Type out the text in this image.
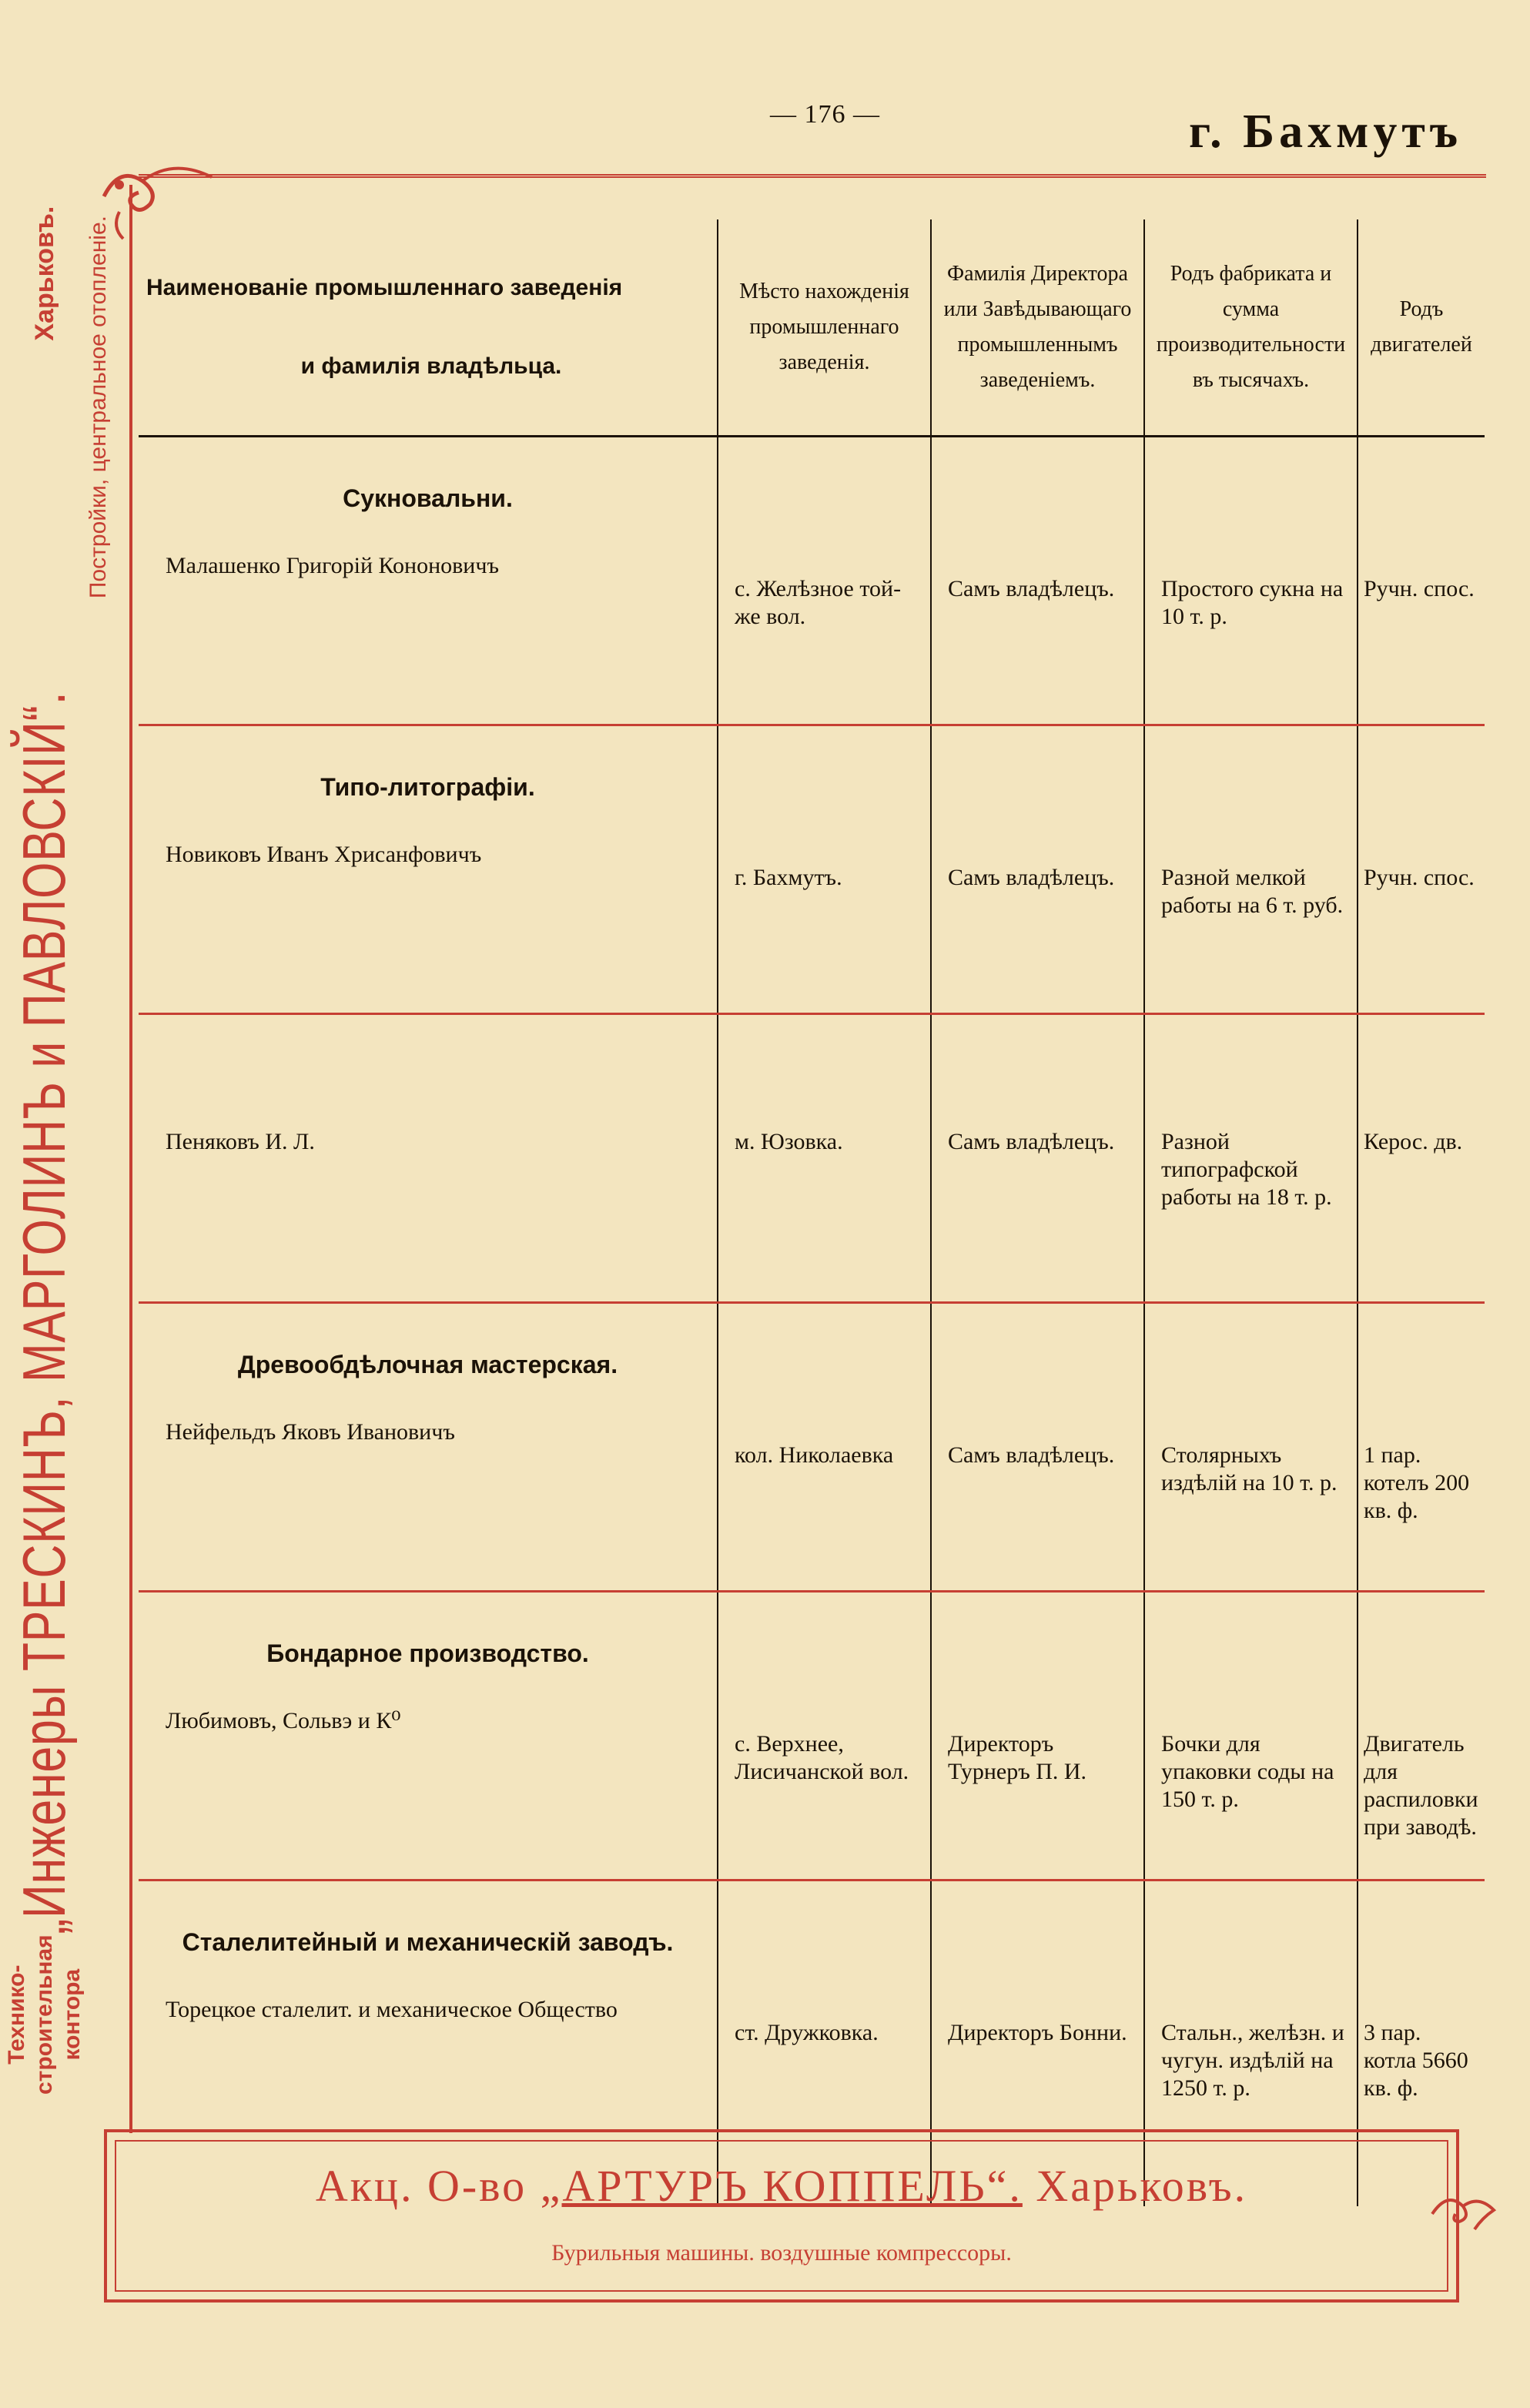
— 176 —	г. Бахмутъ
Технико-строительная контора
„Инженеры ТРЕСКИНЪ, МАРГОЛИНЪ и ПАВЛОВСКIЙ“.
Харьковъ. Постройки, центральное отопленiе. Наименованiе промышленнаго заведенiя
и фамилiя владѣльца.	Мѣсто нахожденiя промышленнаго заведенiя.	Фамилiя Директора или Завѣдывающаго промышленнымъ заведенiемъ.	Родъ фабриката и сумма производительности въ тысячахъ.	Родъ двигателей

Сукновальни.
Малашенко Григорiй Кононовичъ	с. Желѣзное той-же вол.	Самъ владѣлецъ.	Простого сукна на 10 т. р.	Ручн. спос.

Типо-литографiи.
Новиковъ Иванъ Хрисанфовичъ	г. Бахмутъ.	Самъ владѣлецъ.	Разной мелкой работы на 6 т. руб.	Ручн. спос.

Пеняковъ И. Л.	м. Юзовка.	Самъ владѣлецъ.	Разной типографской работы на 18 т. р.	Керос. дв.

Древообдѣлочная мастерская.
Нейфельдъ Яковъ Ивановичъ	кол. Николаевка	Самъ владѣлецъ.	Столярныхъ издѣлiй на 10 т. р.	1 пар. котелъ 200 кв. ф.

Бондарное производство.
Любимовъ, Сольвэ и К⁰	с. Верхнее, Лисичанской вол.	Директоръ Турнеръ П. И.	Бочки для упаковки соды на 150 т. р.	Двигатель для распиловки при заводѣ.

Сталелитейный и механическiй заводъ.
Торецкое сталелит. и механическое Общество	ст. Дружковка.	Директоръ Бонни.	Стальн., желѣзн. и чугун. издѣлiй на 1250 т. р.	3 пар. котла 5660 кв. ф.
Акц. О-во „АРТУРЪ КОППЕЛЬ“. Харьковъ.
Бурильныя машины. воздушные компрессоры.
